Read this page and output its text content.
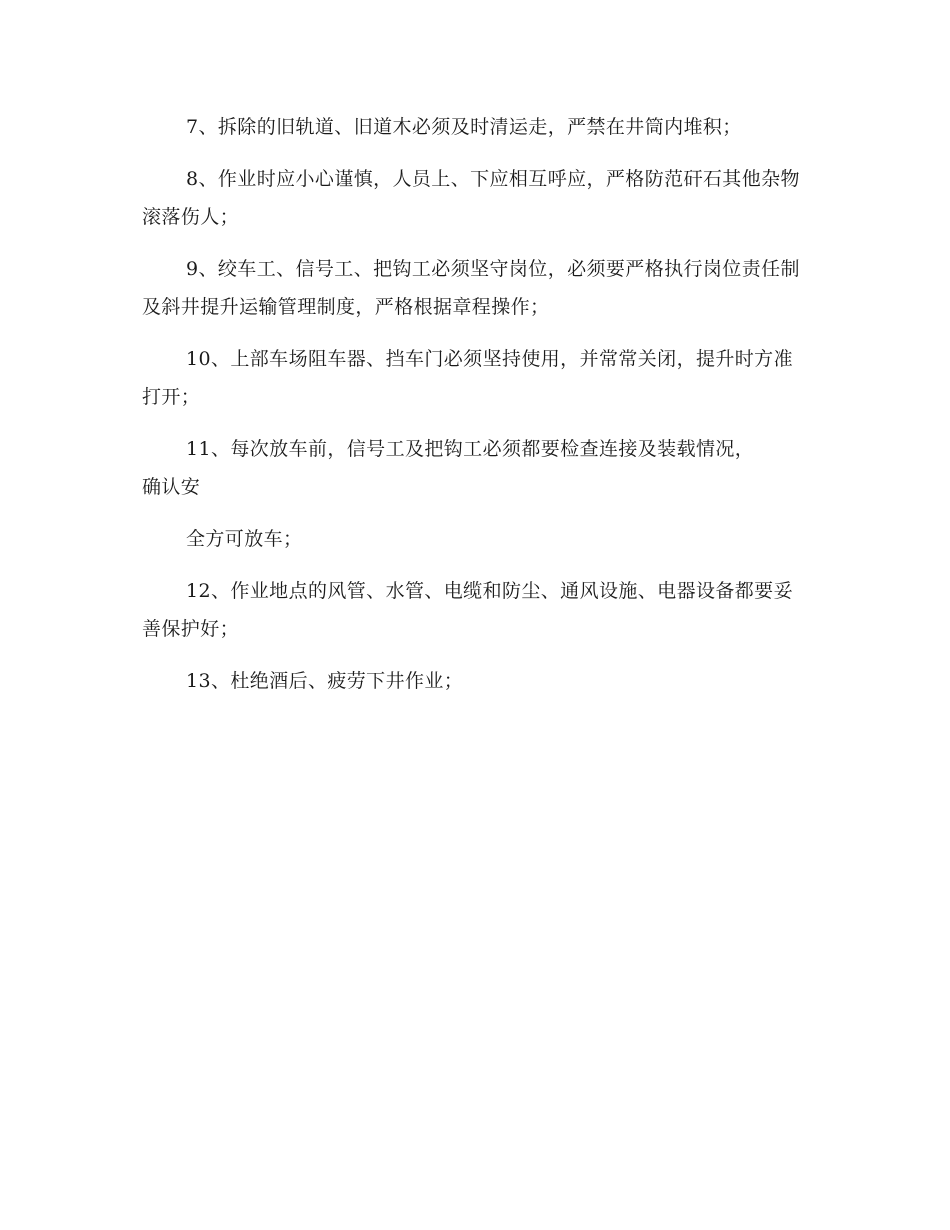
7、拆除的旧轨道、旧道木必须及时清运走，严禁在井筒内堆积；

8、作业时应小心谨慎，人员上、下应相互呼应，严格防范矸石其他杂物滚落伤人；

9、绞车工、信号工、把钩工必须坚守岗位，必须要严格执行岗位责任制及斜井提升运输管理制度，严格根据章程操作；

10、上部车场阻车器、挡车门必须坚持使用，并常常关闭，提升时方准打开；

11、每次放车前，信号工及把钩工必须都要检查连接及装载情况，确认安

全方可放车；

12、作业地点的风管、水管、电缆和防尘、通风设施、电器设备都要妥善保护好；

13、杜绝酒后、疲劳下井作业；
